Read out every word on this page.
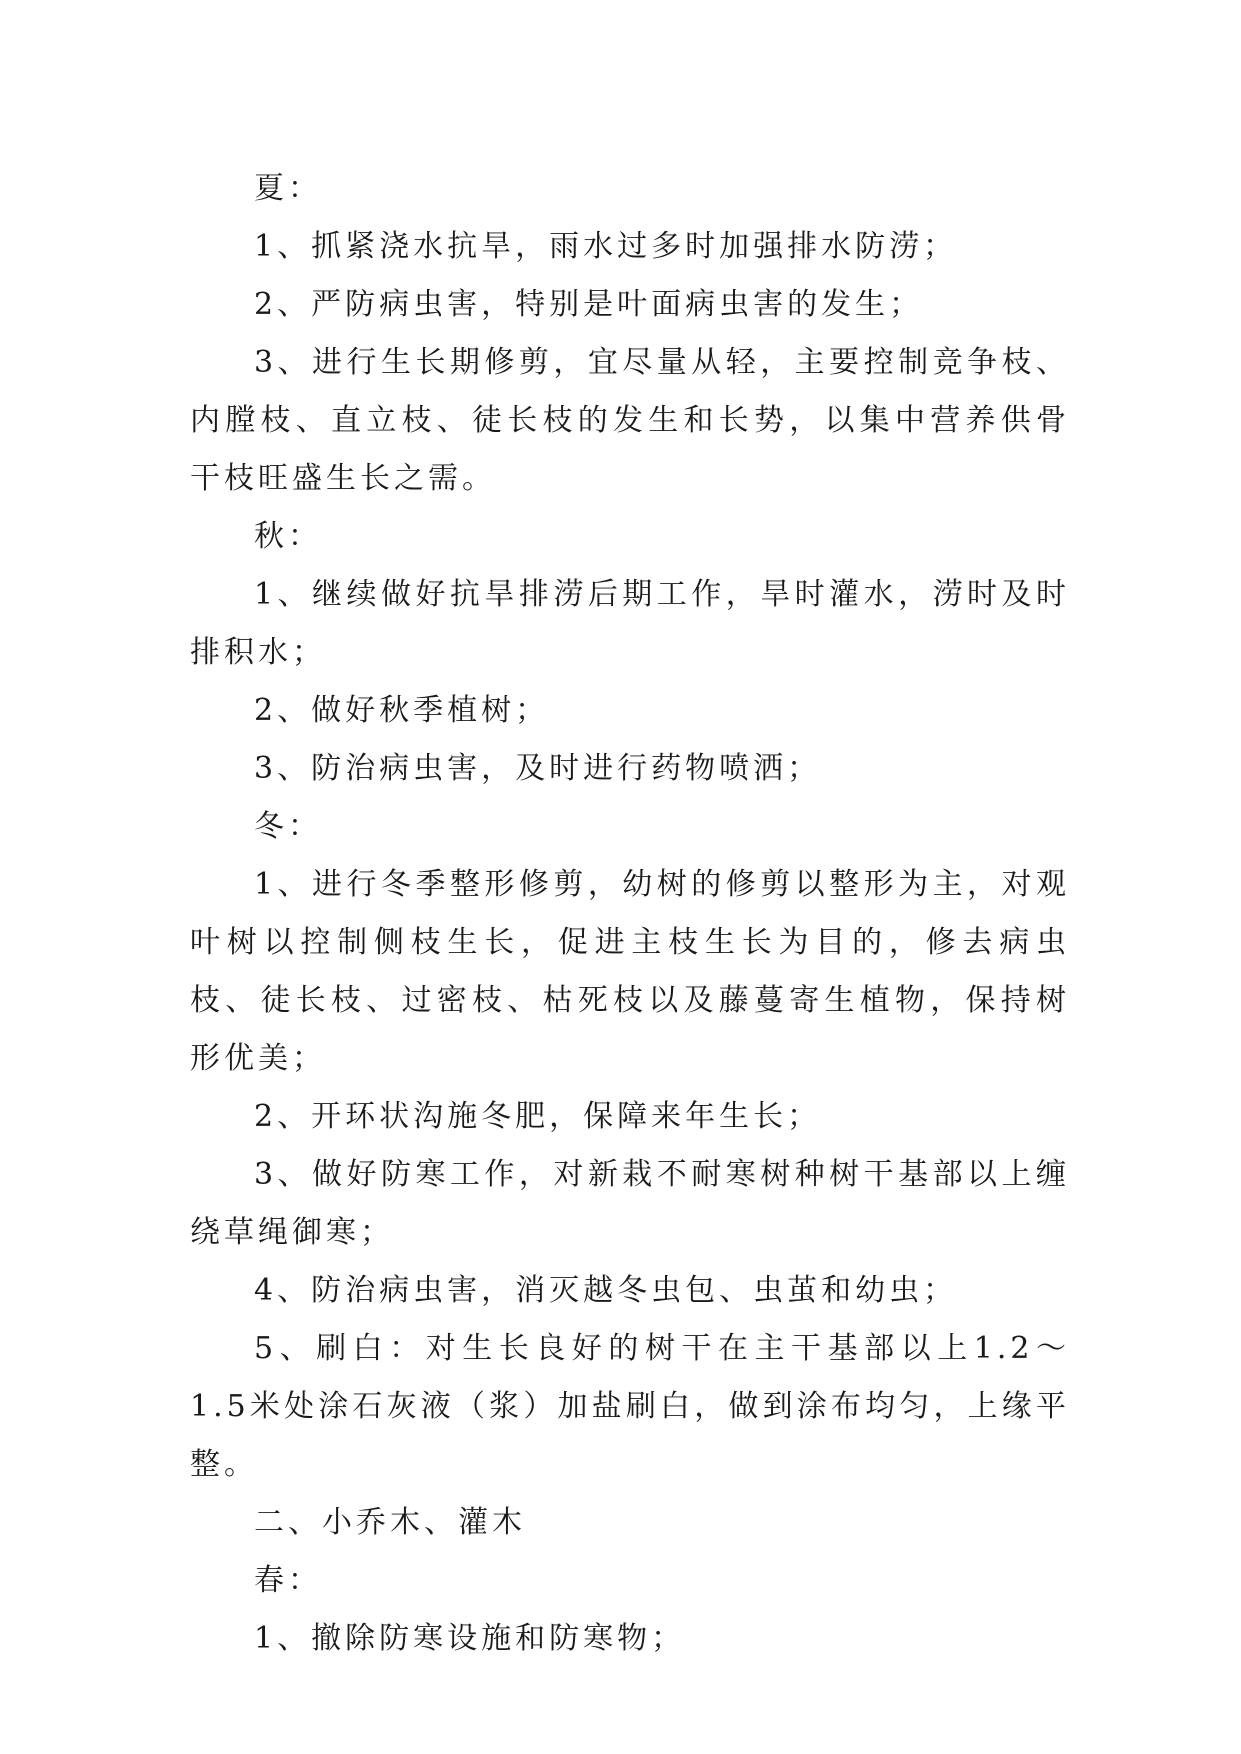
夏：

1、抓紧浇水抗旱，雨水过多时加强排水防涝；

2、严防病虫害，特别是叶面病虫害的发生；

3、进行生长期修剪，宜尽量从轻，主要控制竞争枝、内膛枝、直立枝、徒长枝的发生和长势，以集中营养供骨干枝旺盛生长之需。

秋：

1、继续做好抗旱排涝后期工作，旱时灌水，涝时及时排积水；

2、做好秋季植树；

3、防治病虫害，及时进行药物喷洒；

冬：

1、进行冬季整形修剪，幼树的修剪以整形为主，对观叶树以控制侧枝生长，促进主枝生长为目的，修去病虫枝、徒长枝、过密枝、枯死枝以及藤蔓寄生植物，保持树形优美；

2、开环状沟施冬肥，保障来年生长；

3、做好防寒工作，对新栽不耐寒树种树干基部以上缠绕草绳御寒；

4、防治病虫害，消灭越冬虫包、虫茧和幼虫；

5、刷白：对生长良好的树干在主干基部以上1.2～1.5米处涂石灰液（浆）加盐刷白，做到涂布均匀，上缘平整。

二、小乔木、灌木

春：

1、撤除防寒设施和防寒物；
